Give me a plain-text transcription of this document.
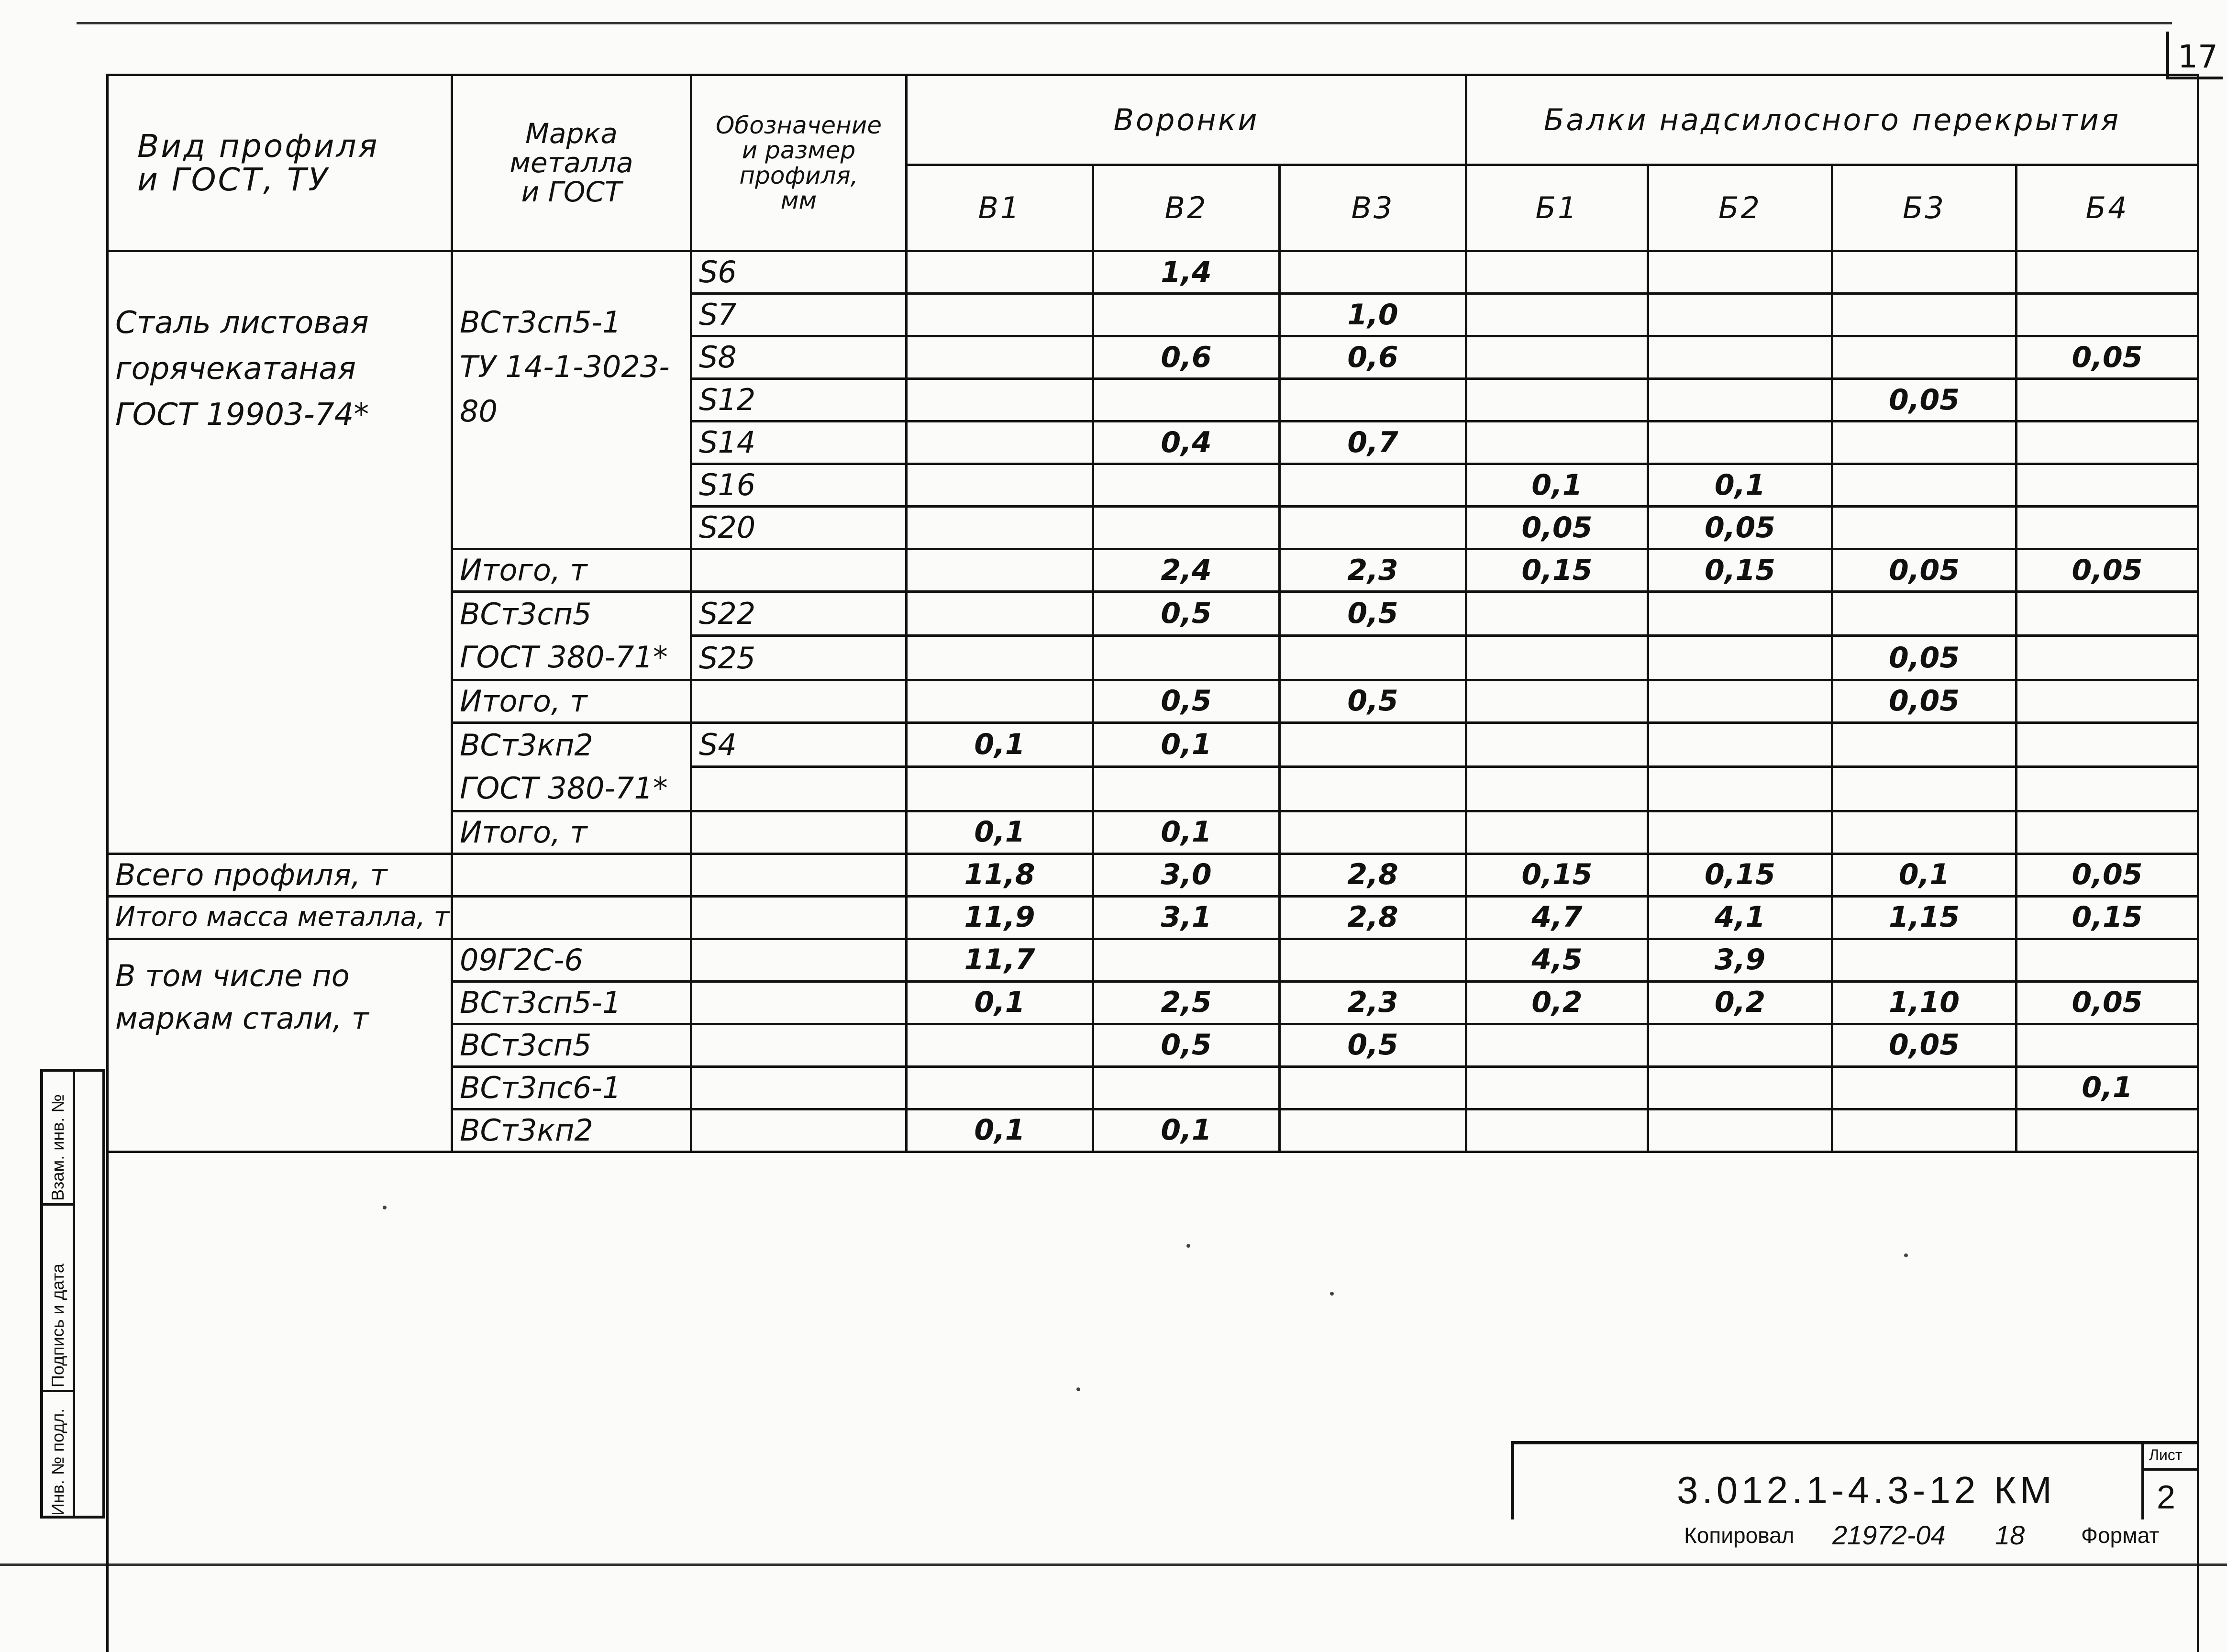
17
Вид профиля
и ГОСТ, ТУ	Марка металла
и ГОСТ	Обозначение
и размер профиля,
мм	Воронки			Балки надсилосного перекрытия			
			В1	В2	В3	Б1	Б2	Б3	Б4
Сталь листовая
горячекатаная
ГОСТ 19903-74*	ВСт3сп5-1
ТУ 14-1-3023-80	S6		1,4					
		S7			1,0				
		S8		0,6	0,6				0,05
		S12						0,05	
		S14		0,4	0,7				
		S16				0,1	0,1		
		S20				0,05	0,05		
	Итого, т			2,4	2,3	0,15	0,15	0,05	0,05
	ВСт3сп5
ГОСТ 380-71*	S22		0,5	0,5				
		S25						0,05	
	Итого, т			0,5	0,5			0,05	
	ВСт3кп2
ГОСТ 380-71*	S4	0,1	0,1					

	Итого, т		0,1	0,1					
Всего профиля, т			11,8	3,0	2,8	0,15	0,15	0,1	0,05
Итого масса металла, т			11,9	3,1	2,8	4,7	4,1	1,15	0,15
В том числе по
маркам стали, т	09Г2С-6		11,7			4,5	3,9		
	ВСт3сп5-1		0,1	2,5	2,3	0,2	0,2	1,10	0,05
	ВСт3сп5			0,5	0,5			0,05	
	ВСт3пс6-1								0,1
	ВСт3кп2		0,1	0,1					

Взам. инв. №
Подпись и дата
Инв. № подл.	3.012.1-4.3-12 КМ
Лист
2
Копировал 21972-04 18	Формат
